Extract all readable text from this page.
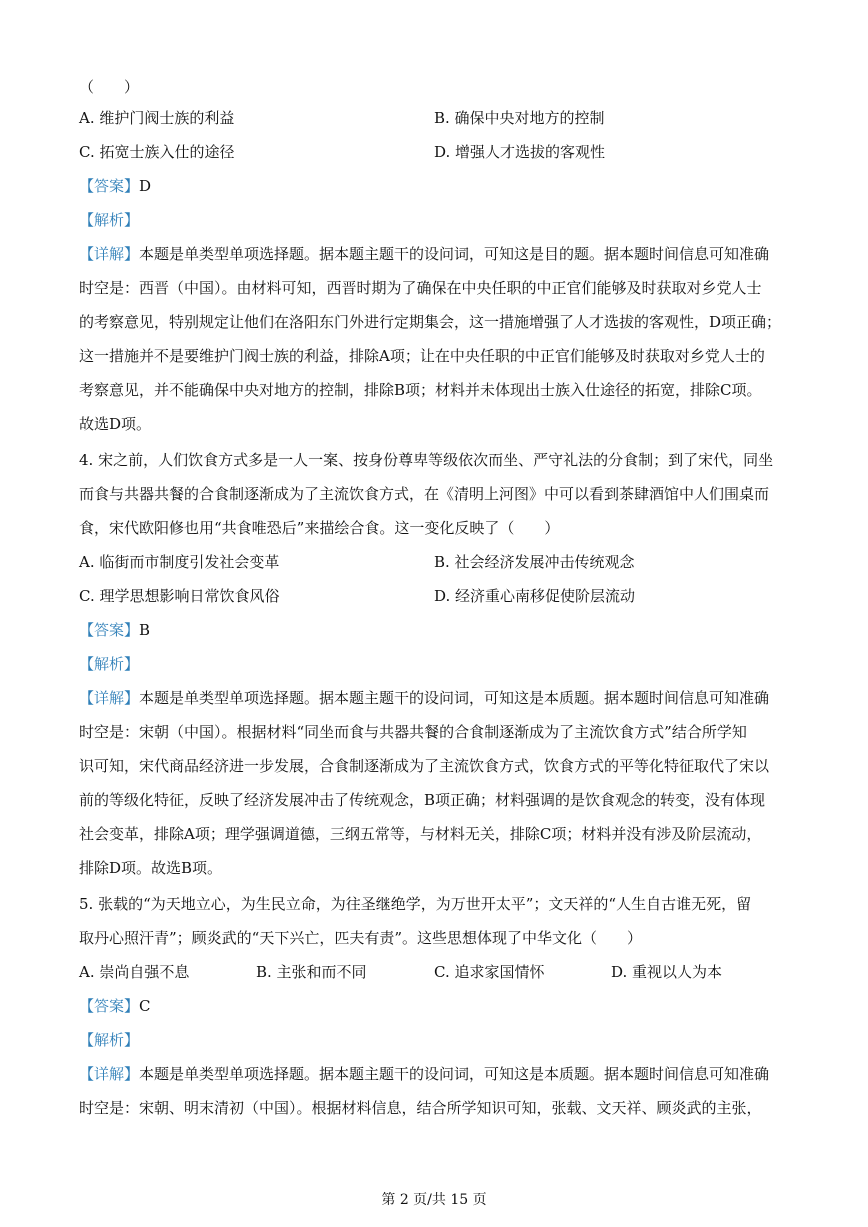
（　　）
A. 维护门阀士族的利益	B. 确保中央对地方的控制
C. 拓宽士族入仕的途径	D. 增强人才选拔的客观性
【答案】D
【解析】
【详解】本题是单类型单项选择题。据本题主题干的设问词，可知这是目的题。据本题时间信息可知准确
时空是：西晋（中国）。由材料可知，西晋时期为了确保在中央任职的中正官们能够及时获取对乡党人士
的考察意见，特别规定让他们在洛阳东门外进行定期集会，这一措施增强了人才选拔的客观性，D项正确；
这一措施并不是要维护门阀士族的利益，排除A项；让在中央任职的中正官们能够及时获取对乡党人士的
考察意见，并不能确保中央对地方的控制，排除B项；材料并未体现出士族入仕途径的拓宽，排除C项。
故选D项。
4. 宋之前，人们饮食方式多是一人一案、按身份尊卑等级依次而坐、严守礼法的分食制；到了宋代，同坐
而食与共器共餐的合食制逐渐成为了主流饮食方式，在《清明上河图》中可以看到茶肆酒馆中人们围桌而
食，宋代欧阳修也用“共食唯恐后”来描绘合食。这一变化反映了（　　）
A. 临街而市制度引发社会变革	B. 社会经济发展冲击传统观念
C. 理学思想影响日常饮食风俗	D. 经济重心南移促使阶层流动
【答案】B
【解析】
【详解】本题是单类型单项选择题。据本题主题干的设问词，可知这是本质题。据本题时间信息可知准确
时空是：宋朝（中国）。根据材料“同坐而食与共器共餐的合食制逐渐成为了主流饮食方式”结合所学知
识可知，宋代商品经济进一步发展，合食制逐渐成为了主流饮食方式，饮食方式的平等化特征取代了宋以
前的等级化特征，反映了经济发展冲击了传统观念，B项正确；材料强调的是饮食观念的转变，没有体现
社会变革，排除A项；理学强调道德，三纲五常等，与材料无关，排除C项；材料并没有涉及阶层流动，
排除D项。故选B项。
5. 张载的“为天地立心，为生民立命，为往圣继绝学，为万世开太平”；文天祥的“人生自古谁无死，留
取丹心照汗青”；顾炎武的“天下兴亡，匹夫有责”。这些思想体现了中华文化（　　）
A. 崇尚自强不息	B. 主张和而不同	C. 追求家国情怀	D. 重视以人为本
【答案】C
【解析】
【详解】本题是单类型单项选择题。据本题主题干的设问词，可知这是本质题。据本题时间信息可知准确
时空是：宋朝、明末清初（中国）。根据材料信息，结合所学知识可知，张载、文天祥、顾炎武的主张，
第 2 页/共 15 页
